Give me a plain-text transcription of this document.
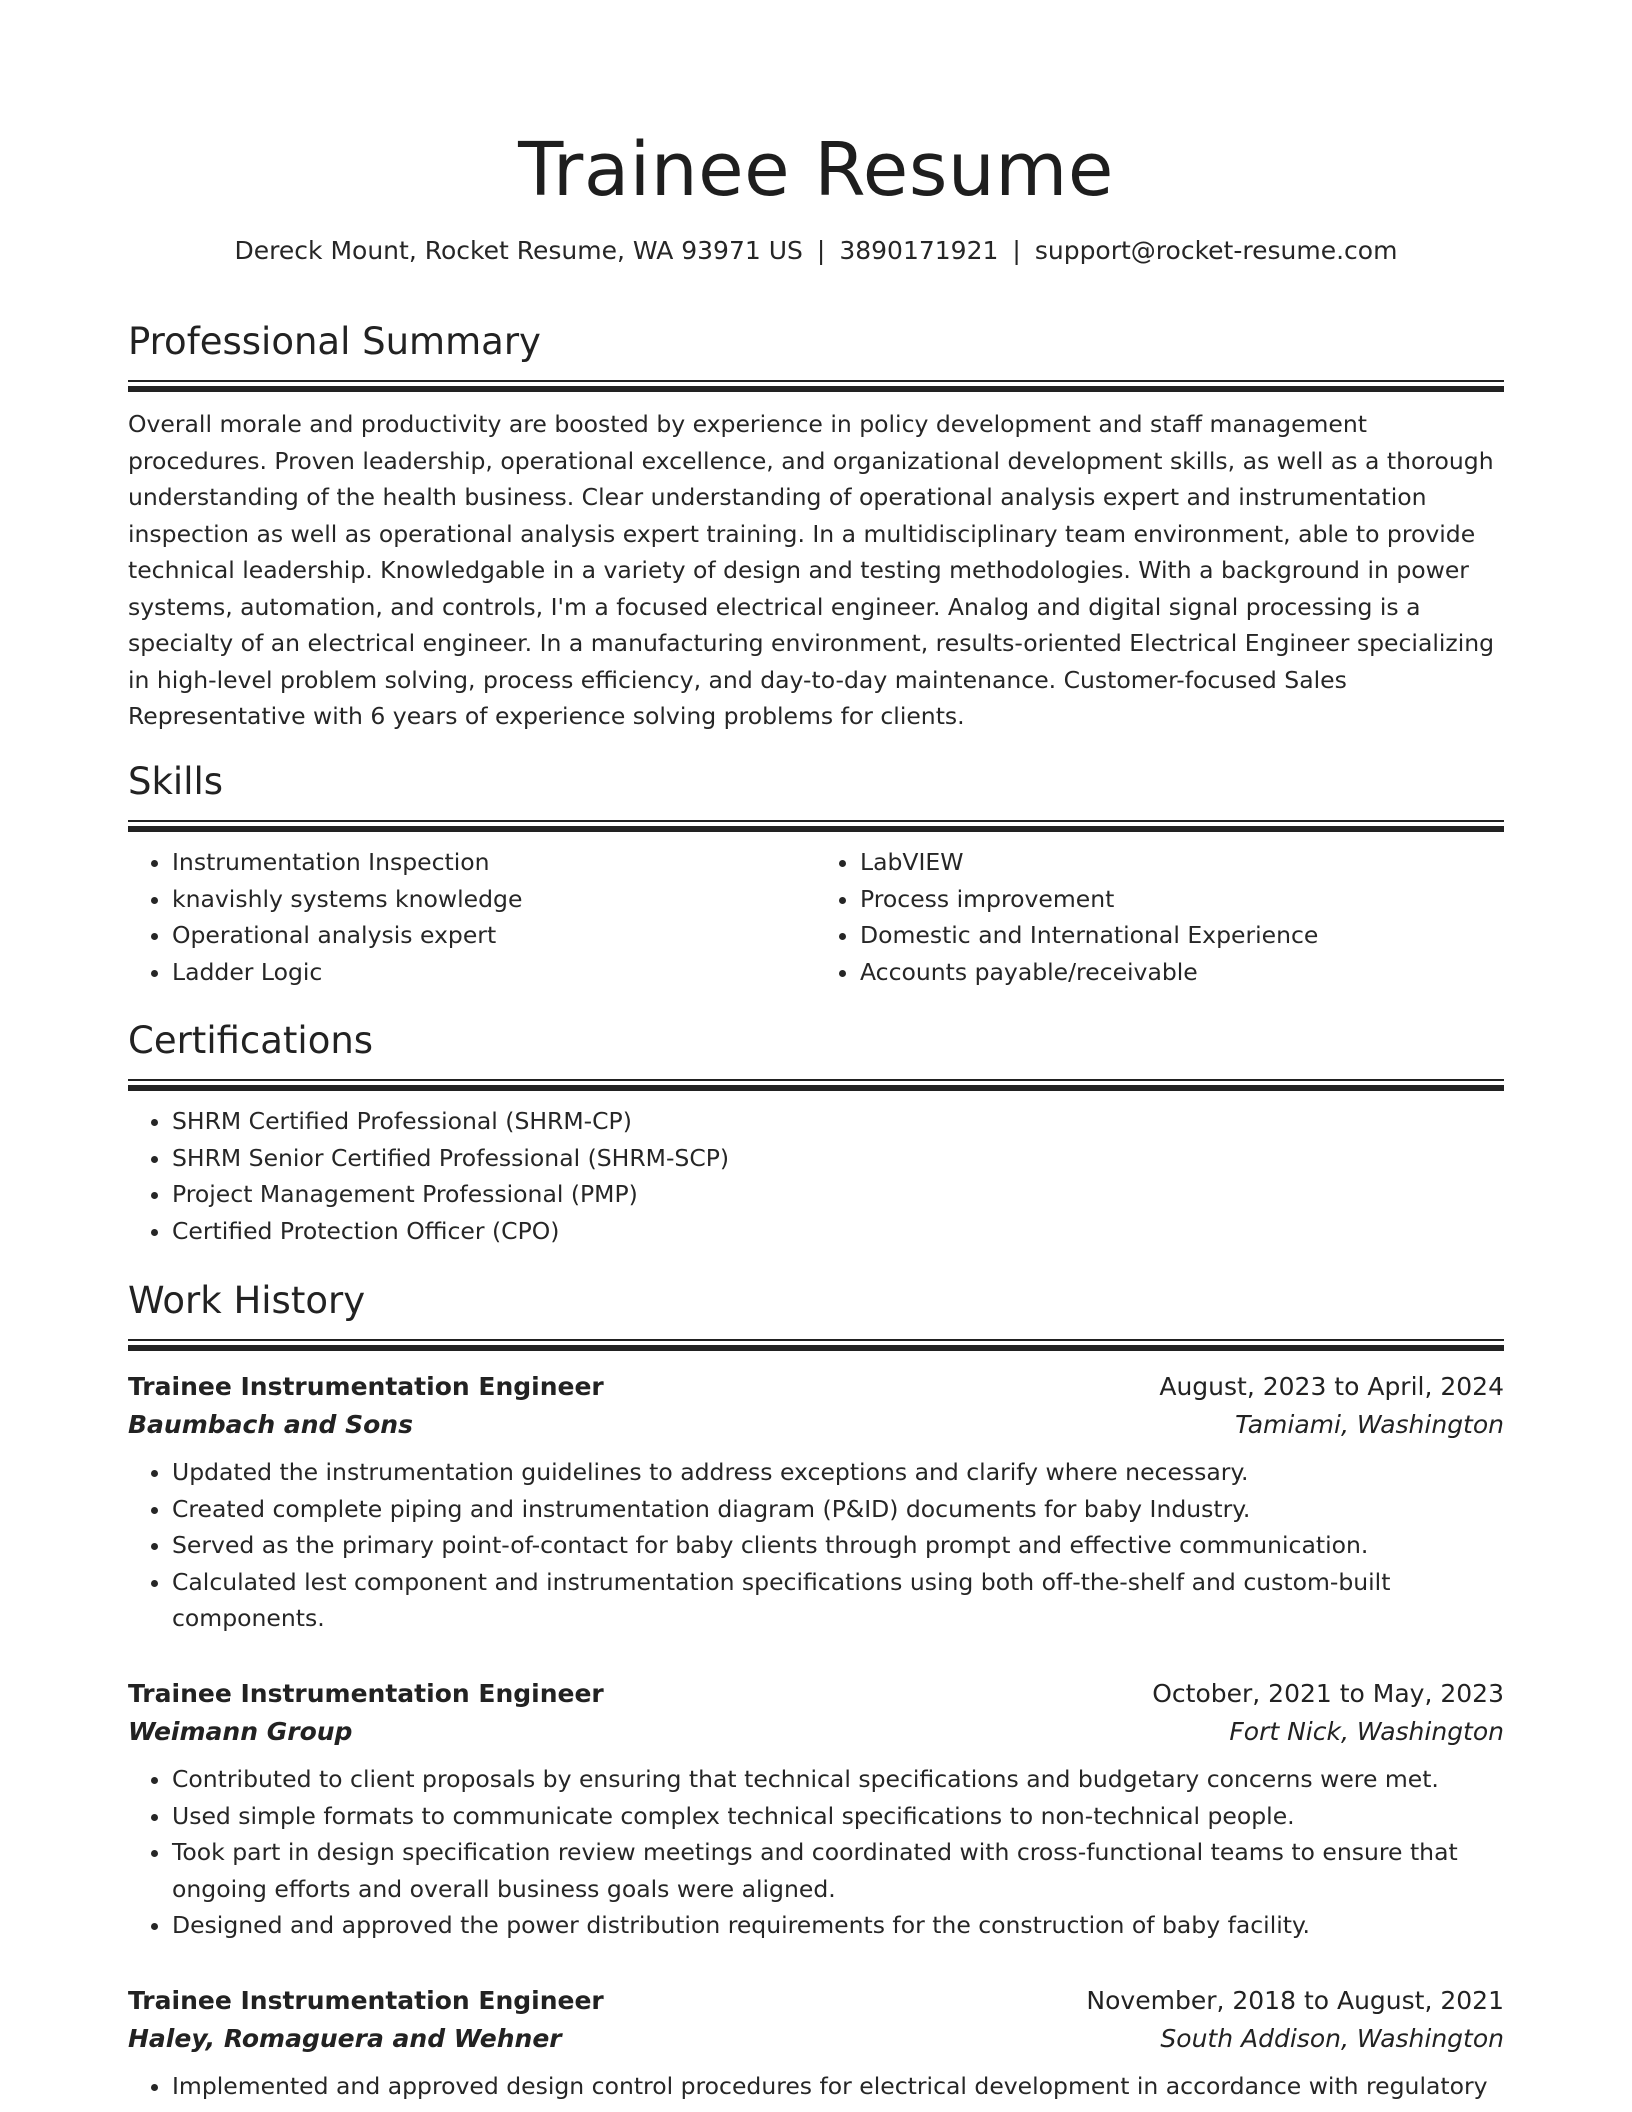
Trainee Resume
Dereck Mount, Rocket Resume, WA 93971 US | 3890171921 | support@rocket-resume.com
Professional Summary
Overall morale and productivity are boosted by experience in policy development and staff management procedures. Proven leadership, operational excellence, and organizational development skills, as well as a thorough understanding of the health business. Clear understanding of operational analysis expert and instrumentation inspection as well as operational analysis expert training. In a multidisciplinary team environment, able to provide technical leadership. Knowledgable in a variety of design and testing methodologies. With a background in power systems, automation, and controls, I'm a focused electrical engineer. Analog and digital signal processing is a specialty of an electrical engineer. In a manufacturing environment, results-oriented Electrical Engineer specializing in high-level problem solving, process efficiency, and day-to-day maintenance. Customer-focused Sales Representative with 6 years of experience solving problems for clients.
Skills
• Instrumentation Inspection
• knavishly systems knowledge
• Operational analysis expert
• Ladder Logic
• LabVIEW
• Process improvement
• Domestic and International Experience
• Accounts payable/receivable
Certifications
• SHRM Certified Professional (SHRM-CP)
• SHRM Senior Certified Professional (SHRM-SCP)
• Project Management Professional (PMP)
• Certified Protection Officer (CPO)
Work History
Trainee Instrumentation Engineer	August, 2023 to April, 2024
Baumbach and Sons	Tamiami, Washington
• Updated the instrumentation guidelines to address exceptions and clarify where necessary.
• Created complete piping and instrumentation diagram (P&ID) documents for baby Industry.
• Served as the primary point-of-contact for baby clients through prompt and effective communication.
• Calculated lest component and instrumentation specifications using both off-the-shelf and custom-built components.
Trainee Instrumentation Engineer	October, 2021 to May, 2023
Weimann Group	Fort Nick, Washington
• Contributed to client proposals by ensuring that technical specifications and budgetary concerns were met.
• Used simple formats to communicate complex technical specifications to non-technical people.
• Took part in design specification review meetings and coordinated with cross-functional teams to ensure that ongoing efforts and overall business goals were aligned.
• Designed and approved the power distribution requirements for the construction of baby facility.
Trainee Instrumentation Engineer	November, 2018 to August, 2021
Haley, Romaguera and Wehner	South Addison, Washington
• Implemented and approved design control procedures for electrical development in accordance with regulatory
